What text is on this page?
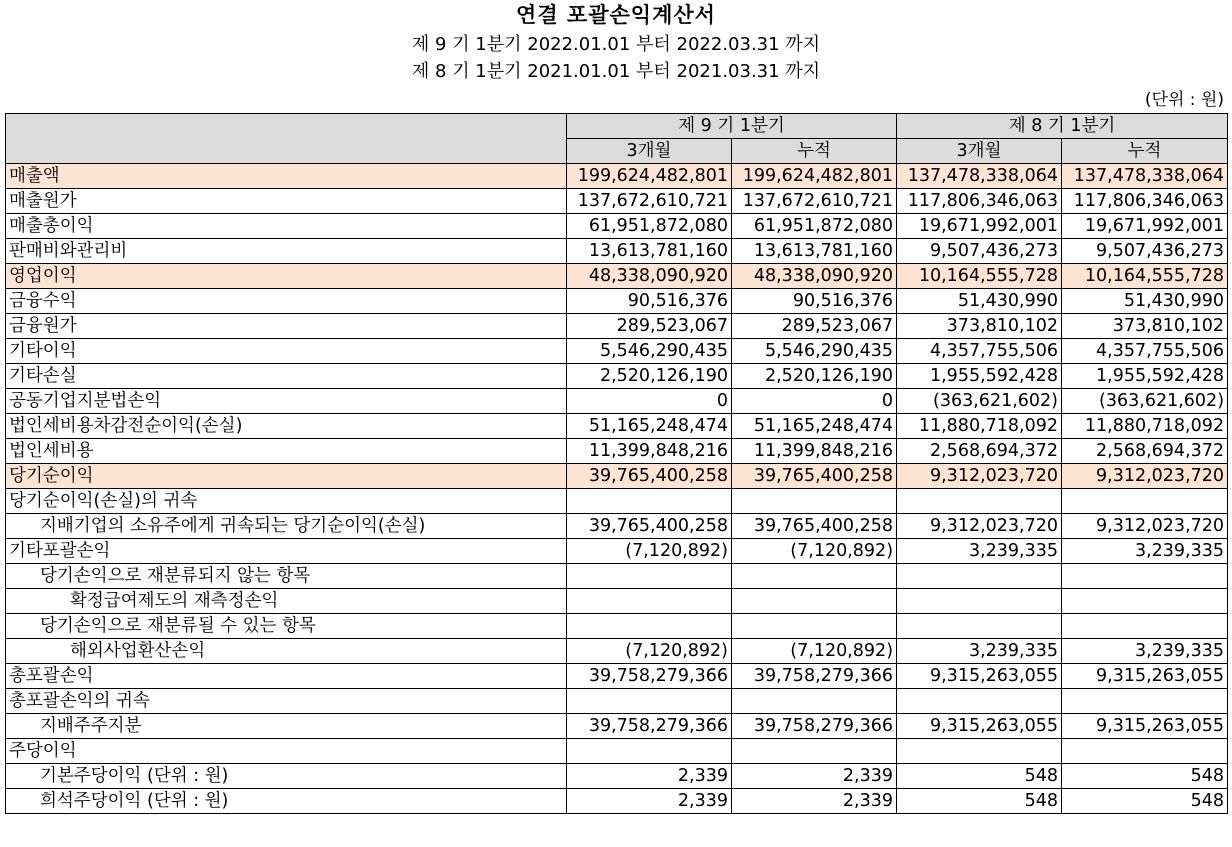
연결 포괄손익계산서
제 9 기 1분기 2022.01.01 부터 2022.03.31 까지
제 8 기 1분기 2021.01.01 부터 2021.03.31 까지
(단위 : 원)
	제 9 기 1분기		제 8 기 1분기	
	3개월	누적	3개월	누적
매출액	199,624,482,801	199,624,482,801	137,478,338,064	137,478,338,064
매출원가	137,672,610,721	137,672,610,721	117,806,346,063	117,806,346,063
매출총이익	61,951,872,080	61,951,872,080	19,671,992,001	19,671,992,001
판매비와관리비	13,613,781,160	13,613,781,160	9,507,436,273	9,507,436,273
영업이익	48,338,090,920	48,338,090,920	10,164,555,728	10,164,555,728
금융수익	90,516,376	90,516,376	51,430,990	51,430,990
금융원가	289,523,067	289,523,067	373,810,102	373,810,102
기타이익	5,546,290,435	5,546,290,435	4,357,755,506	4,357,755,506
기타손실	2,520,126,190	2,520,126,190	1,955,592,428	1,955,592,428
공동기업지분법손익	0	0	(363,621,602)	(363,621,602)
법인세비용차감전순이익(손실)	51,165,248,474	51,165,248,474	11,880,718,092	11,880,718,092
법인세비용	11,399,848,216	11,399,848,216	2,568,694,372	2,568,694,372
당기순이익	39,765,400,258	39,765,400,258	9,312,023,720	9,312,023,720
당기순이익(손실)의 귀속				
지배기업의 소유주에게 귀속되는 당기순이익(손실)	39,765,400,258	39,765,400,258	9,312,023,720	9,312,023,720
기타포괄손익	(7,120,892)	(7,120,892)	3,239,335	3,239,335
당기손익으로 재분류되지 않는 항목				
확정급여제도의 재측정손익				
당기손익으로 재분류될 수 있는 항목				
해외사업환산손익	(7,120,892)	(7,120,892)	3,239,335	3,239,335
총포괄손익	39,758,279,366	39,758,279,366	9,315,263,055	9,315,263,055
총포괄손익의 귀속				
지배주주지분	39,758,279,366	39,758,279,366	9,315,263,055	9,315,263,055
주당이익				
기본주당이익 (단위 : 원)	2,339	2,339	548	548
희석주당이익 (단위 : 원)	2,339	2,339	548	548
